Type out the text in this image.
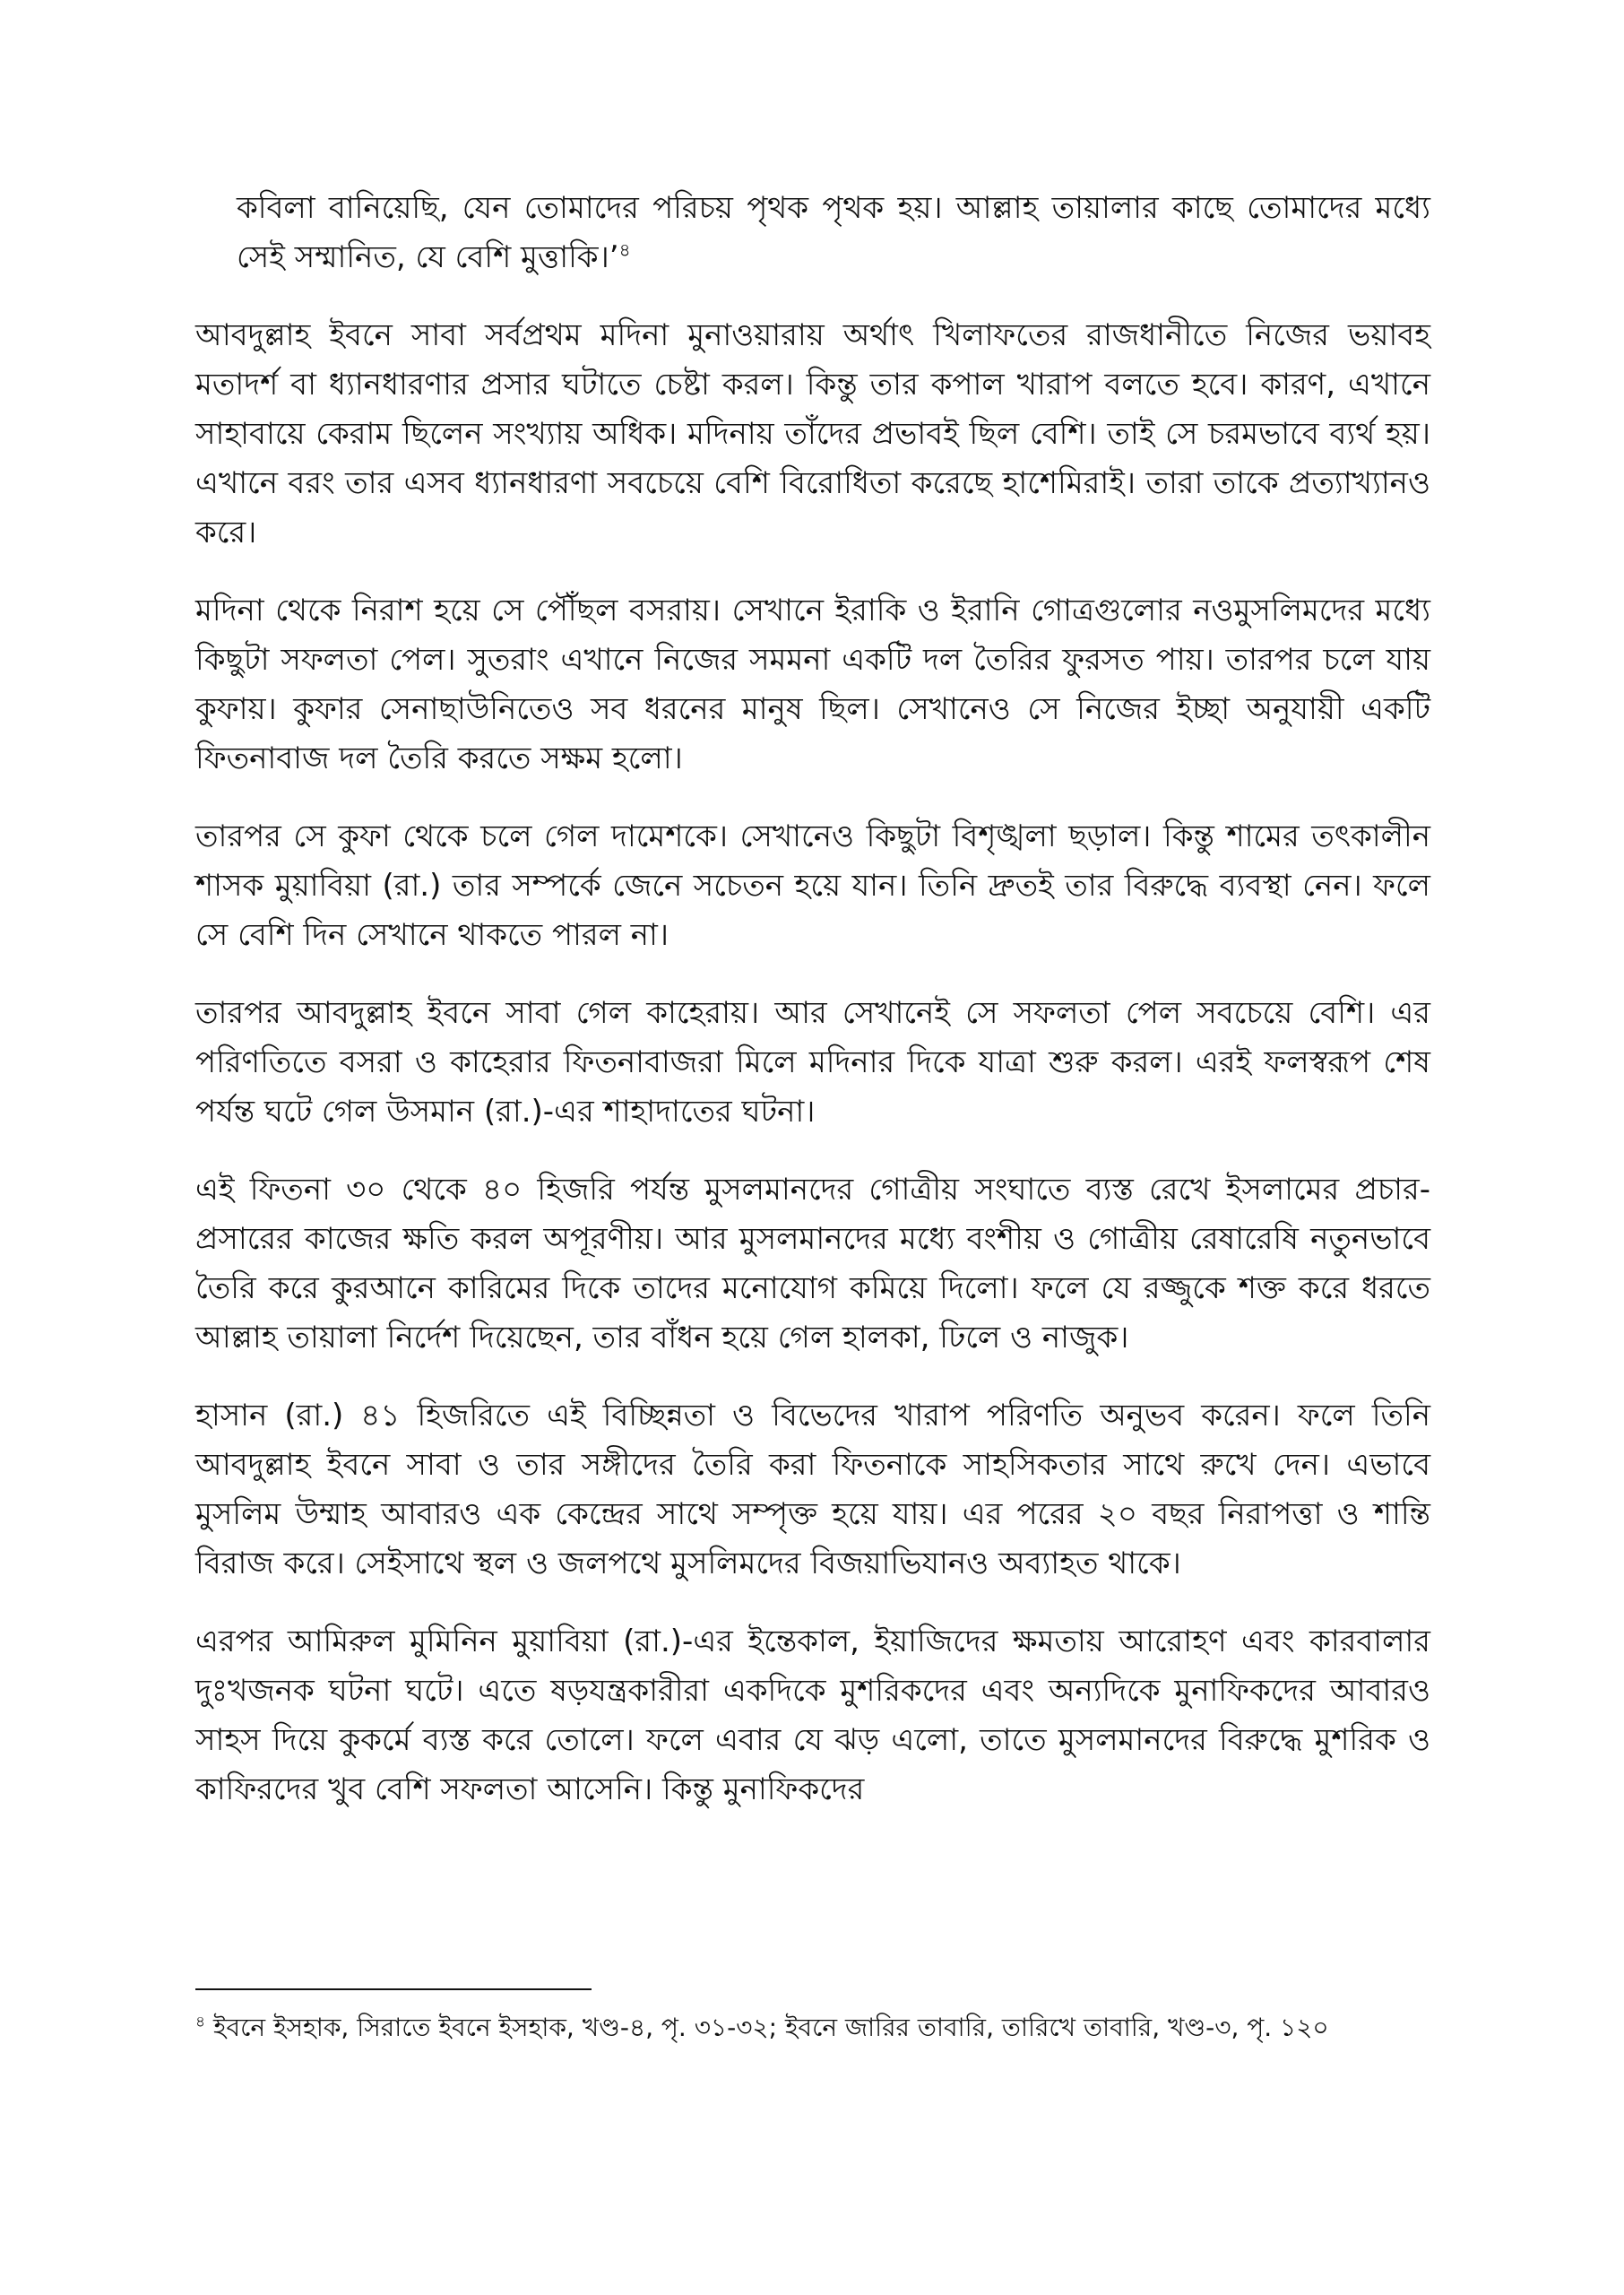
কবিলা বানিয়েছি, যেন তোমাদের পরিচয় পৃথক পৃথক হয়। আল্লাহ তায়ালার কাছে তোমাদের মধ্যে সেই সম্মানিত, যে বেশি মুত্তাকি।’$^৪$

আবদুল্লাহ ইবনে সাবা সর্বপ্রথম মদিনা মুনাওয়ারায় অর্থাৎ খিলাফতের রাজধানীতে নিজের ভয়াবহ মতাদর্শ বা ধ্যানধারণার প্রসার ঘটাতে চেষ্টা করল। কিন্তু তার কপাল খারাপ বলতে হবে। কারণ, এখানে সাহাবায়ে কেরাম ছিলেন সংখ্যায় অধিক। মদিনায় তাঁদের প্রভাবই ছিল বেশি। তাই সে চরমভাবে ব্যর্থ হয়। এখানে বরং তার এসব ধ্যানধারণা সবচেয়ে বেশি বিরোধিতা করেছে হাশেমিরাই। তারা তাকে প্রত্যাখ্যানও করে।

মদিনা থেকে নিরাশ হয়ে সে পৌঁছল বসরায়। সেখানে ইরাকি ও ইরানি গোত্রগুলোর নওমুসলিমদের মধ্যে কিছুটা সফলতা পেল। সুতরাং এখানে নিজের সমমনা একটি দল তৈরির ফুরসত পায়। তারপর চলে যায় কুফায়। কুফার সেনাছাউনিতেও সব ধরনের মানুষ ছিল। সেখানেও সে নিজের ইচ্ছা অনুযায়ী একটি ফিতনাবাজ দল তৈরি করতে সক্ষম হলো।

তারপর সে কুফা থেকে চলে গেল দামেশকে। সেখানেও কিছুটা বিশৃঙ্খলা ছড়াল। কিন্তু শামের তৎকালীন শাসক মুয়াবিয়া (রা.) তার সম্পর্কে জেনে সচেতন হয়ে যান। তিনি দ্রুতই তার বিরুদ্ধে ব্যবস্থা নেন। ফলে সে বেশি দিন সেখানে থাকতে পারল না।

তারপর আবদুল্লাহ ইবনে সাবা গেল কাহেরায়। আর সেখানেই সে সফলতা পেল সবচেয়ে বেশি। এর পরিণতিতে বসরা ও কাহেরার ফিতনাবাজরা মিলে মদিনার দিকে যাত্রা শুরু করল। এরই ফলস্বরূপ শেষ পর্যন্ত ঘটে গেল উসমান (রা.)-এর শাহাদাতের ঘটনা।

এই ফিতনা ৩০ থেকে ৪০ হিজরি পর্যন্ত মুসলমানদের গোত্রীয় সংঘাতে ব্যস্ত রেখে ইসলামের প্রচার-প্রসারের কাজের ক্ষতি করল অপূরণীয়। আর মুসলমানদের মধ্যে বংশীয় ও গোত্রীয় রেষারেষি নতুনভাবে তৈরি করে কুরআনে কারিমের দিকে তাদের মনোযোগ কমিয়ে দিলো। ফলে যে রজ্জুকে শক্ত করে ধরতে আল্লাহ তায়ালা নির্দেশ দিয়েছেন, তার বাঁধন হয়ে গেল হালকা, ঢিলে ও নাজুক।

হাসান (রা.) ৪১ হিজরিতে এই বিচ্ছিন্নতা ও বিভেদের খারাপ পরিণতি অনুভব করেন। ফলে তিনি আবদুল্লাহ ইবনে সাবা ও তার সঙ্গীদের তৈরি করা ফিতনাকে সাহসিকতার সাথে রুখে দেন। এভাবে মুসলিম উম্মাহ আবারও এক কেন্দ্রের সাথে সম্পৃক্ত হয়ে যায়। এর পরের ২০ বছর নিরাপত্তা ও শান্তি বিরাজ করে। সেইসাথে স্থল ও জলপথে মুসলিমদের বিজয়াভিযানও অব্যাহত থাকে।

এরপর আমিরুল মুমিনিন মুয়াবিয়া (রা.)-এর ইন্তেকাল, ইয়াজিদের ক্ষমতায় আরোহণ এবং কারবালার দুঃখজনক ঘটনা ঘটে। এতে ষড়যন্ত্রকারীরা একদিকে মুশরিকদের এবং অন্যদিকে মুনাফিকদের আবারও সাহস দিয়ে কুকর্মে ব্যস্ত করে তোলে। ফলে এবার যে ঝড় এলো, তাতে মুসলমানদের বিরুদ্ধে মুশরিক ও কাফিরদের খুব বেশি সফলতা আসেনি। কিন্তু মুনাফিকদের

$^৪$ ইবনে ইসহাক, সিরাতে ইবনে ইসহাক, খণ্ড-৪, পৃ. ৩১-৩২; ইবনে জারির তাবারি, তারিখে তাবারি, খণ্ড-৩, পৃ. ১২০
